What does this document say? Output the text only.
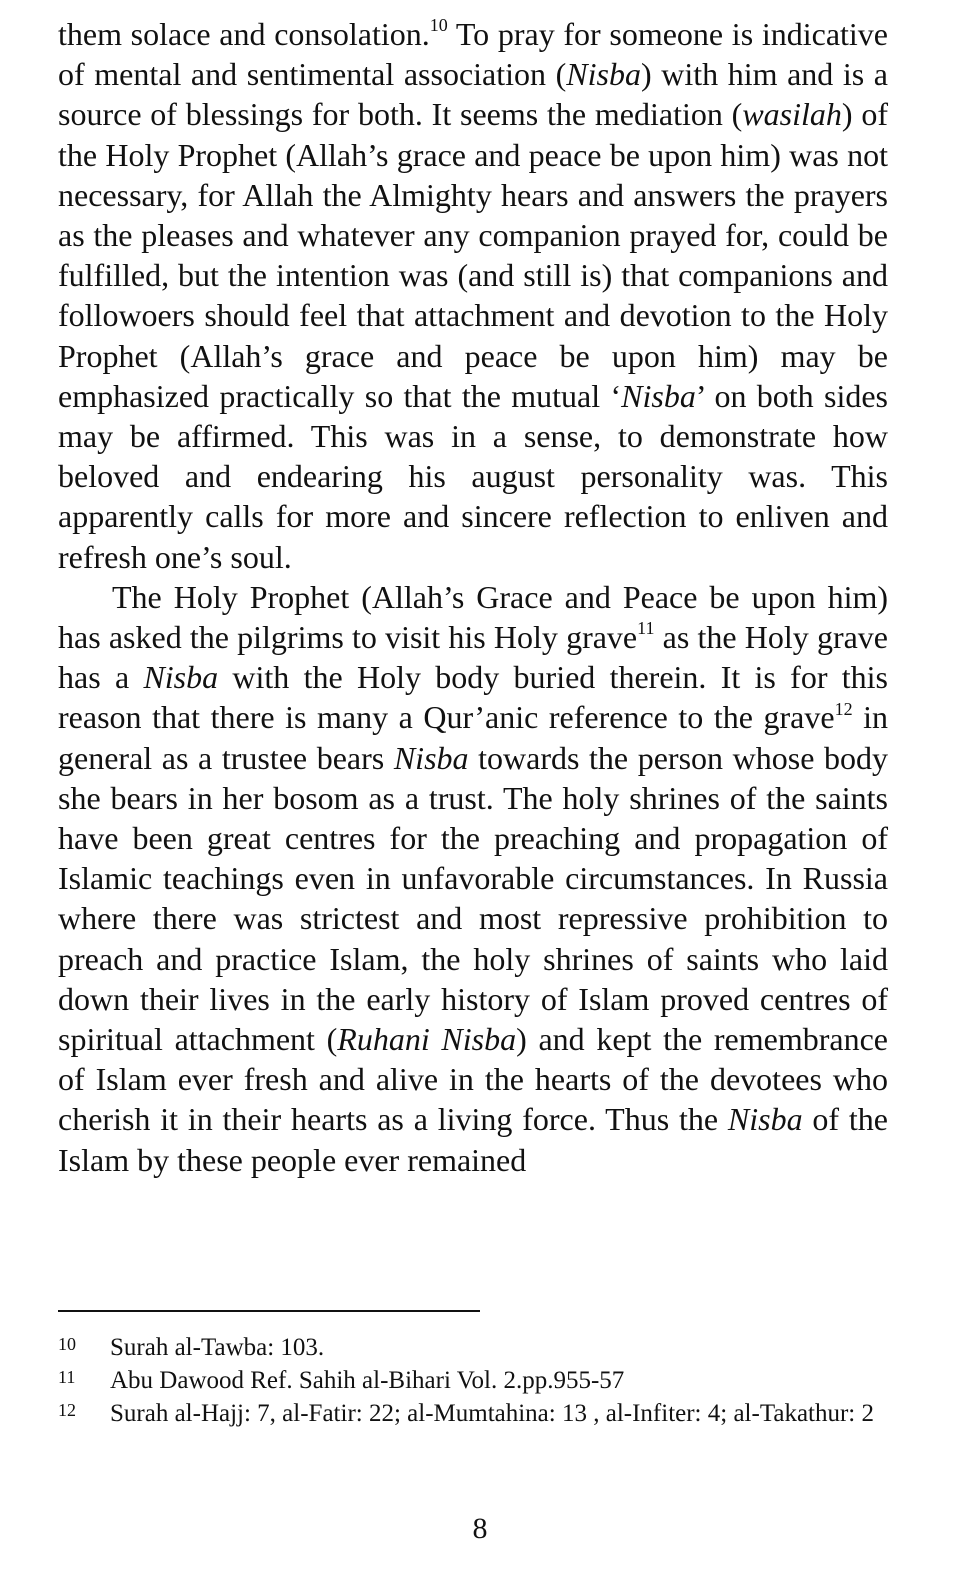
them solace and consolation.$^{10}$ To pray for someone is indicative of mental and sentimental association (Nisba) with him and is a source of blessings for both. It seems the mediation (wasilah) of the Holy Prophet (Allah’s grace and peace be upon him) was not necessary, for Allah the Almighty hears and answers the prayers as the pleases and whatever any companion prayed for, could be fulfilled, but the intention was (and still is) that companions and followoers should feel that attachment and devotion to the Holy Prophet (Allah’s grace and peace be upon him) may be emphasized practically so that the mutual ‘Nisba’ on both sides may be affirmed. This was in a sense, to demonstrate how beloved and endearing his august personality was. This apparently calls for more and sincere reflection to enliven and refresh one’s soul.

The Holy Prophet (Allah’s Grace and Peace be upon him) has asked the pilgrims to visit his Holy grave$^{11}$ as the Holy grave has a Nisba with the Holy body buried therein. It is for this reason that there is many a Qur’anic reference to the grave$^{12}$ in general as a trustee bears Nisba towards the person whose body she bears in her bosom as a trust. The holy shrines of the saints have been great centres for the preaching and propagation of Islamic teachings even in unfavorable circumstances. In Russia where there was strictest and most repressive prohibition to preach and practice Islam, the holy shrines of saints who laid down their lives in the early history of Islam proved centres of spiritual attachment (Ruhani Nisba) and kept the remembrance of Islam ever fresh and alive in the hearts of the devotees who cherish it in their hearts as a living force. Thus the Nisba of the Islam by these people ever remained

10	Surah al-Tawba: 103.
11	Abu Dawood Ref. Sahih al-Bihari Vol. 2.pp.955-57
12	Surah al-Hajj: 7, al-Fatir: 22; al-Mumtahina: 13 , al-Infiter: 4; al-Takathur: 2
8
